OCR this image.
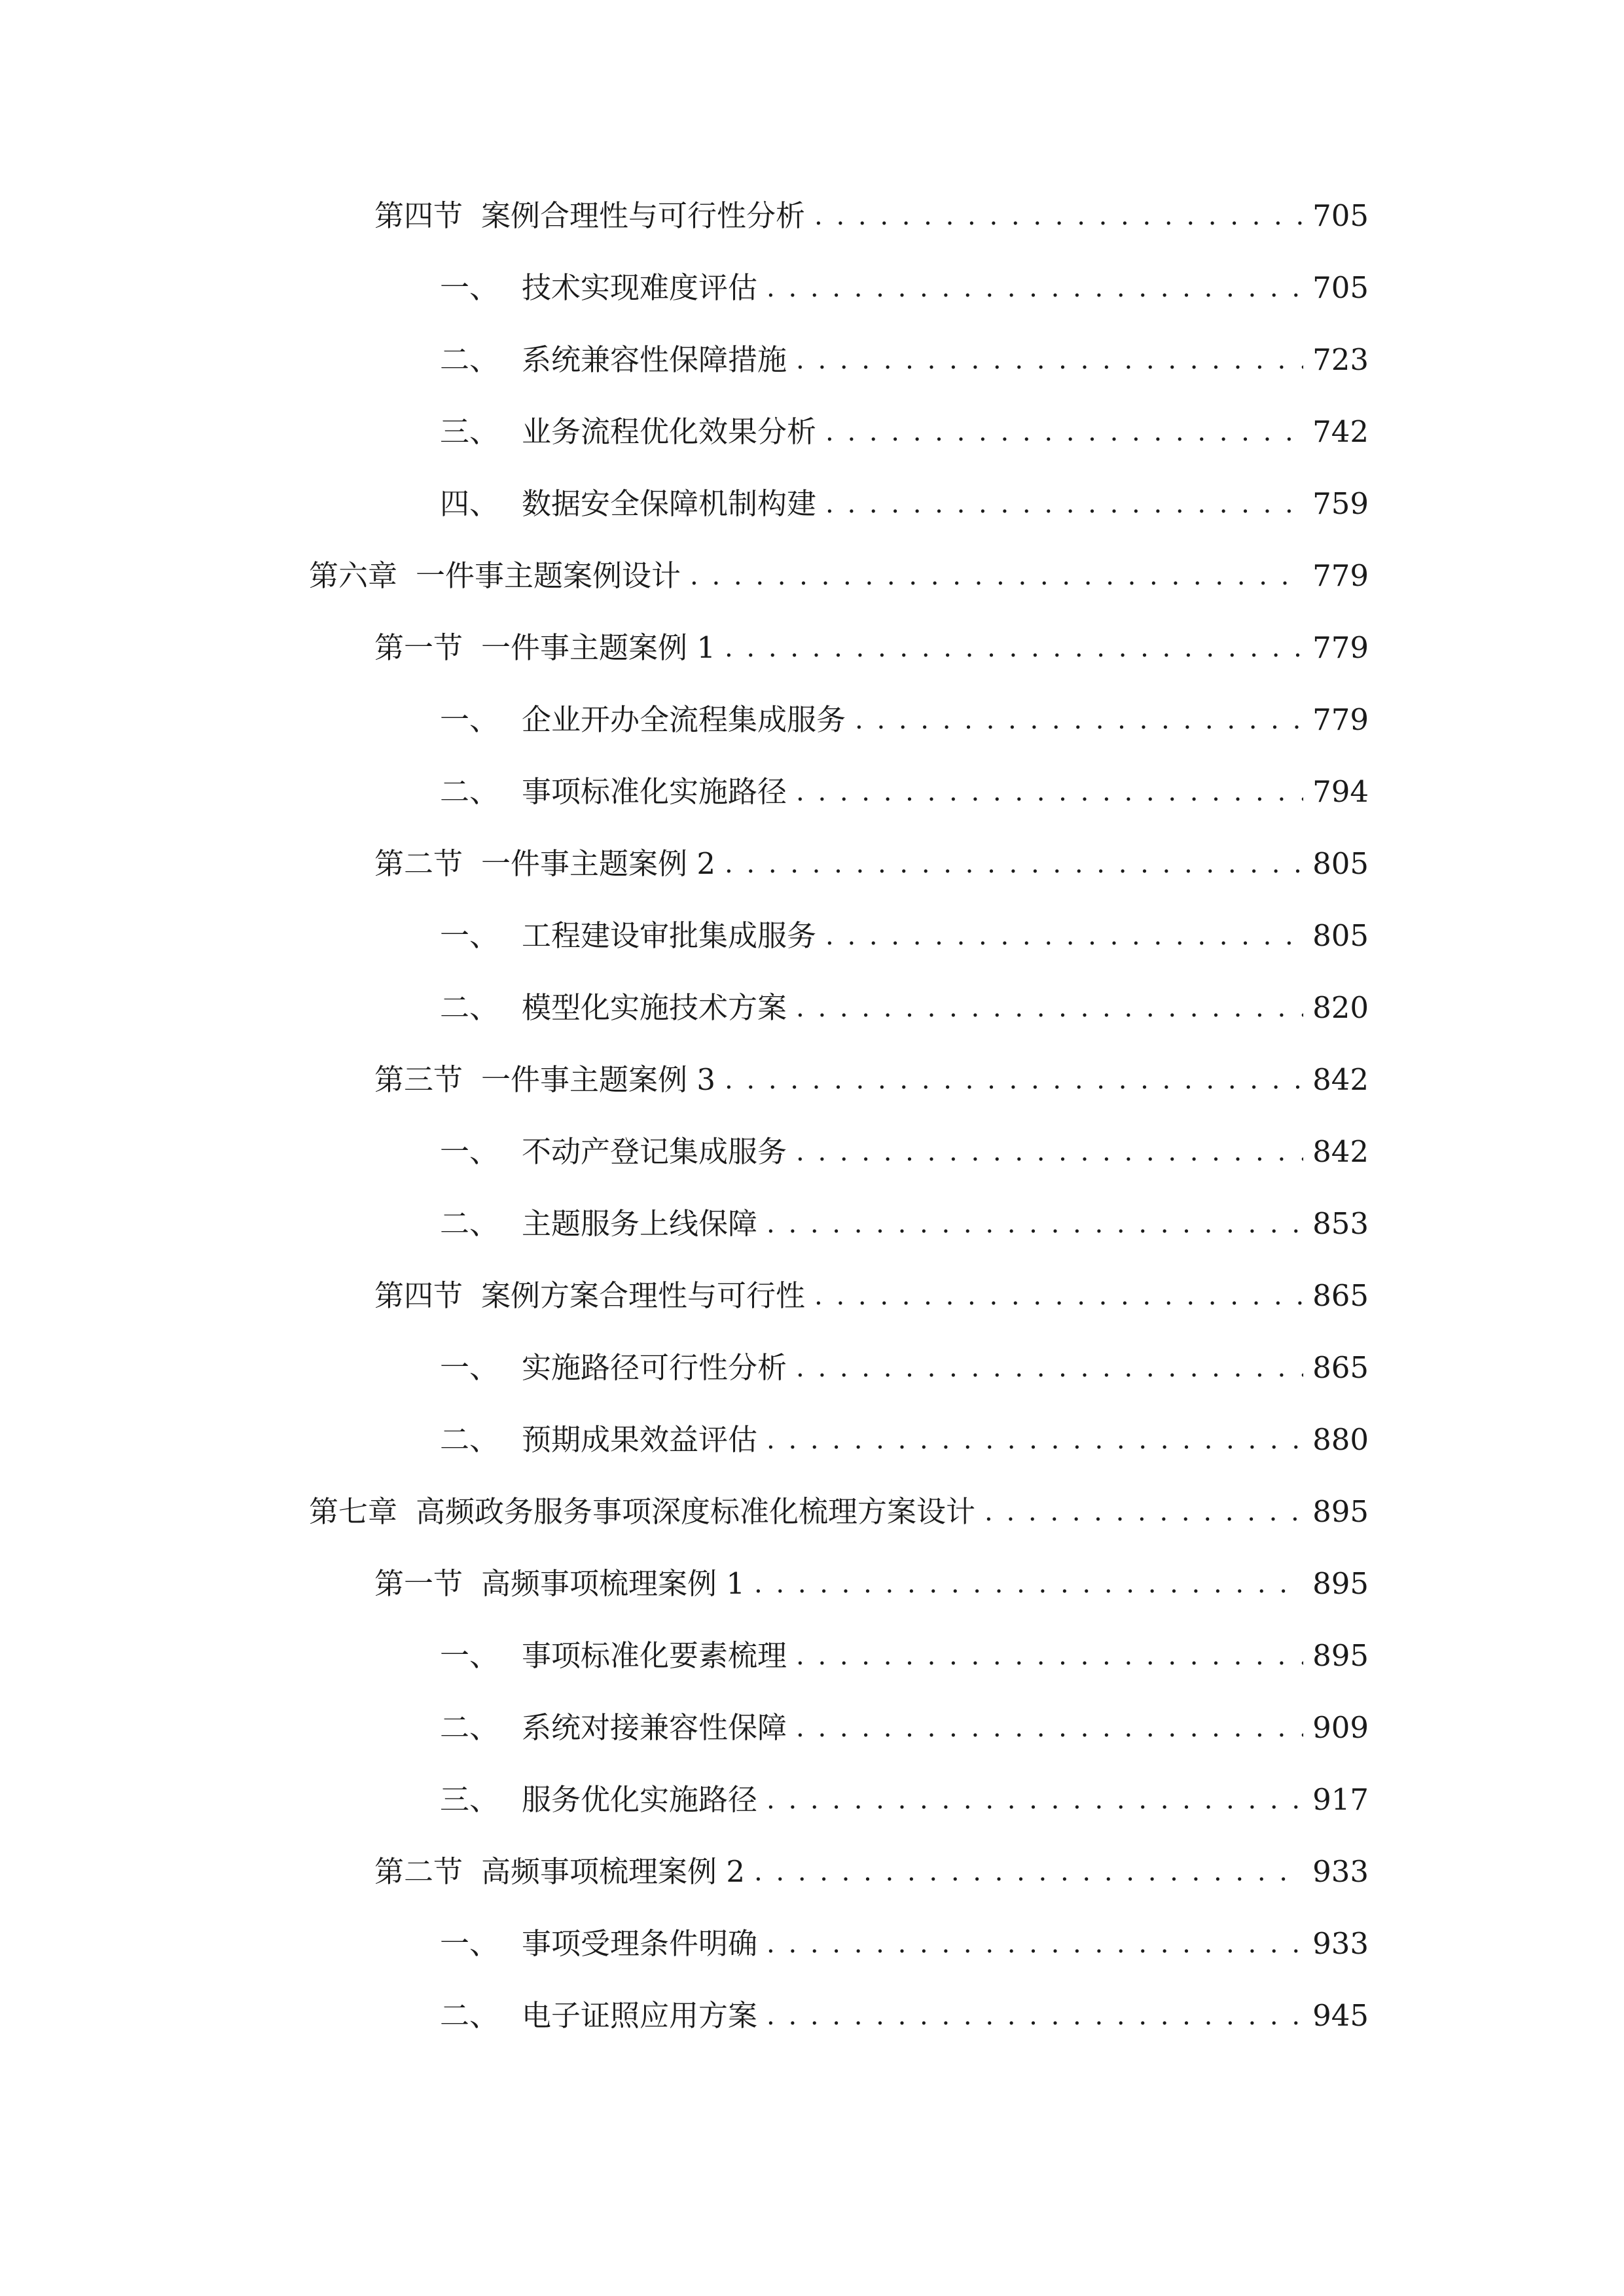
第四节 案例合理性与可行性分析 . . .	705
一、 技术实现难度评估 . . .	705
二、 系统兼容性保障措施 . . .	723
三、 业务流程优化效果分析 . . .	742
四、 数据安全保障机制构建 . . .	759
第六章 一件事主题案例设计 . . .	779
第一节 一件事主题案例 1 . . .	779
一、 企业开办全流程集成服务 . . .	779
二、 事项标准化实施路径 . . .	794
第二节 一件事主题案例 2 . . .	805
一、 工程建设审批集成服务 . . .	805
二、 模型化实施技术方案 . . .	820
第三节 一件事主题案例 3 . . .	842
一、 不动产登记集成服务 . . .	842
二、 主题服务上线保障 . . .	853
第四节 案例方案合理性与可行性 . . .	865
一、 实施路径可行性分析 . . .	865
二、 预期成果效益评估 . . .	880
第七章 高频政务服务事项深度标准化梳理方案设计 . . .	895
第一节 高频事项梳理案例 1 . . .	895
一、 事项标准化要素梳理 . . .	895
二、 系统对接兼容性保障 . . .	909
三、 服务优化实施路径 . . .	917
第二节 高频事项梳理案例 2 . . .	933
一、 事项受理条件明确 . . .	933
二、 电子证照应用方案 . . .	945
